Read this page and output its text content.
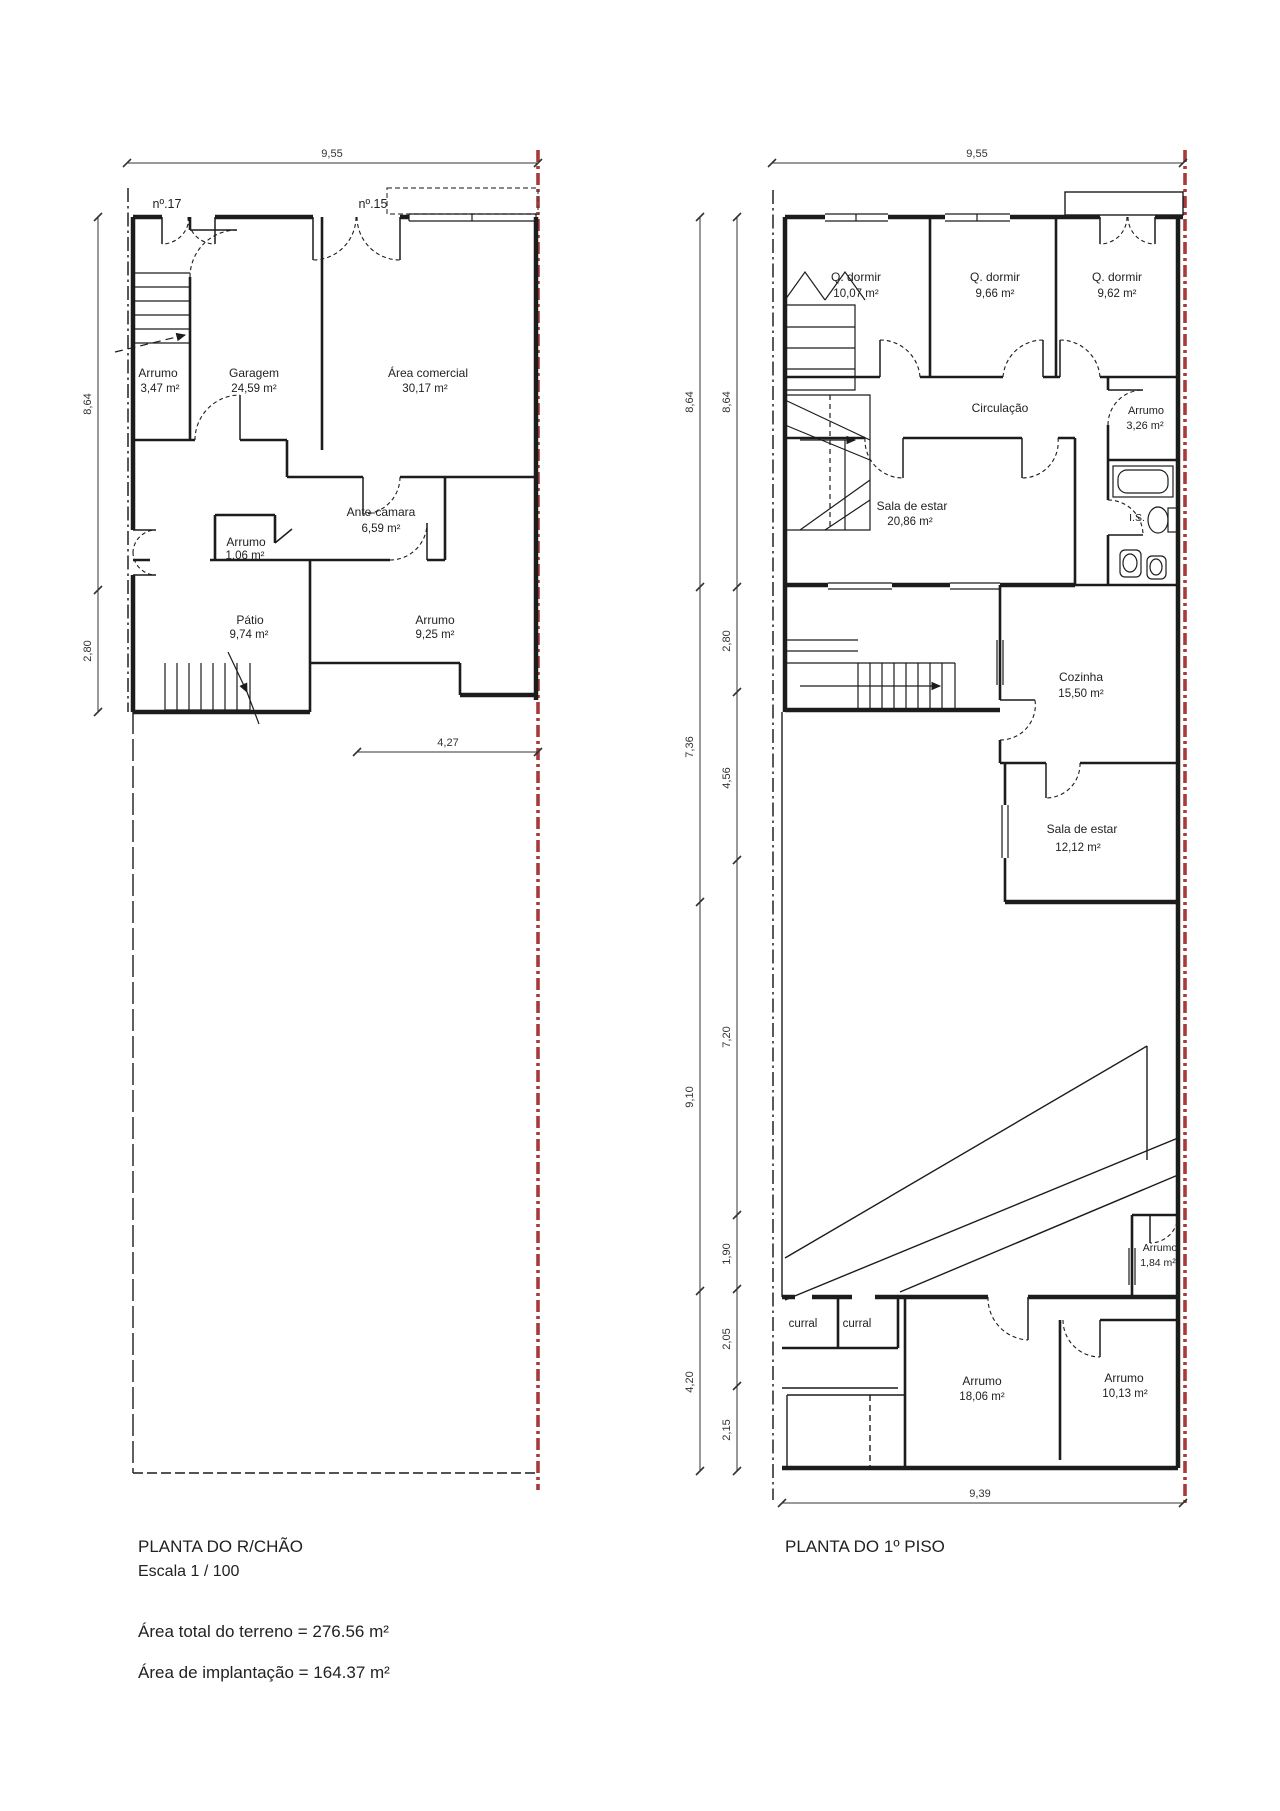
9,55
8,64
2,80
4,27
nº.17	nº.15
Arrumo
3,47 m²
Garagem
24,59 m²
Área comercial
30,17 m²
Ante-camara
6,59 m²
Arrumo
1,06 m²
Pátio
9,74 m²
Arrumo
9,25 m²
9,55
9,39
8,64
7,36
9,10
4,20
8,64
2,80
4,56
7,20
1,90
2,05
2,15
Q. dormir
10,07 m²
Q. dormir
9,66 m²
Q. dormir
9,62 m²
Circulação	Arrumo
3,26 m²
Sala de estar
20,86 m²	I.S.
Cozinha
15,50 m²
Sala de estar
12,12 m²
Arrumo
1,84 m²
curral curral
Arrumo
18,06 m²
Arrumo
10,13 m²
PLANTA DO R/CHÃO
Escala 1 / 100
PLANTA DO 1º PISO
Área total do terreno = 276.56 m²
Área de implantação = 164.37 m²
